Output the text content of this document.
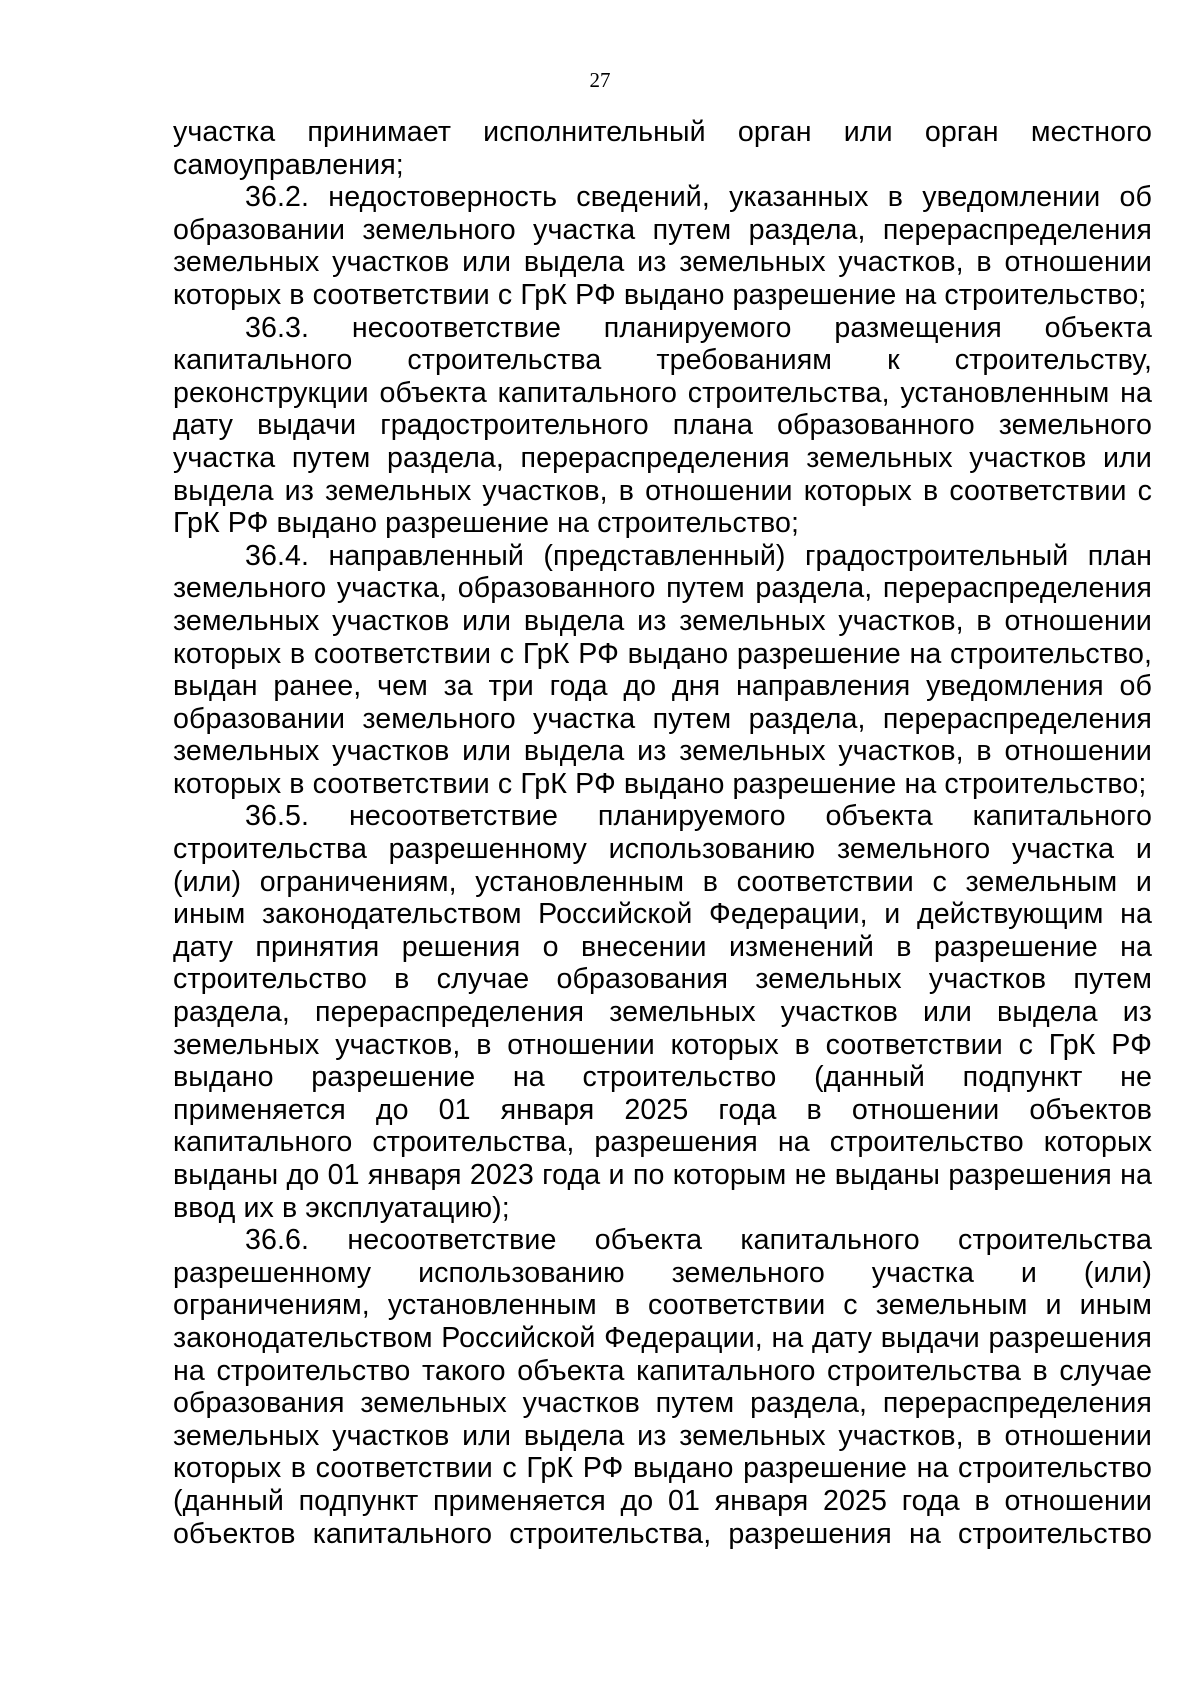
27

участка принимает исполнительный орган или орган местного самоуправления;

36.2. недостоверность сведений, указанных в уведомлении об образовании земельного участка путем раздела, перераспределения земельных участков или выдела из земельных участков, в отношении которых в соответствии с ГрК РФ выдано разрешение на строительство;

36.3. несоответствие планируемого размещения объекта капитального строительства требованиям к строительству, реконструкции объекта капитального строительства, установленным на дату выдачи градостроительного плана образованного земельного участка путем раздела, перераспределения земельных участков или выдела из земельных участков, в отношении которых в соответствии с ГрК РФ выдано разрешение на строительство;

36.4. направленный (представленный) градостроительный план земельного участка, образованного путем раздела, перераспределения земельных участков или выдела из земельных участков, в отношении которых в соответствии с ГрК РФ выдано разрешение на строительство, выдан ранее, чем за три года до дня направления уведомления об образовании земельного участка путем раздела, перераспределения земельных участков или выдела из земельных участков, в отношении которых в соответствии с ГрК РФ выдано разрешение на строительство;

36.5. несоответствие планируемого объекта капитального строительства разрешенному использованию земельного участка и (или) ограничениям, установленным в соответствии с земельным и иным законодательством Российской Федерации, и действующим на дату принятия решения о внесении изменений в разрешение на строительство в случае образования земельных участков путем раздела, перераспределения земельных участков или выдела из земельных участков, в отношении которых в соответствии с ГрК РФ выдано разрешение на строительство (данный подпункт не применяется до 01 января 2025 года в отношении объектов капитального строительства, разрешения на строительство которых выданы до 01 января 2023 года и по которым не выданы разрешения на ввод их в эксплуатацию);

36.6. несоответствие объекта капитального строительства разрешенному использованию земельного участка и (или) ограничениям, установленным в соответствии с земельным и иным законодательством Российской Федерации, на дату выдачи разрешения на строительство такого объекта капитального строительства в случае образования земельных участков путем раздела, перераспределения земельных участков или выдела из земельных участков, в отношении которых в соответствии с ГрК РФ выдано разрешение на строительство (данный подпункт применяется до 01 января 2025 года в отношении объектов капитального строительства, разрешения на строительство
